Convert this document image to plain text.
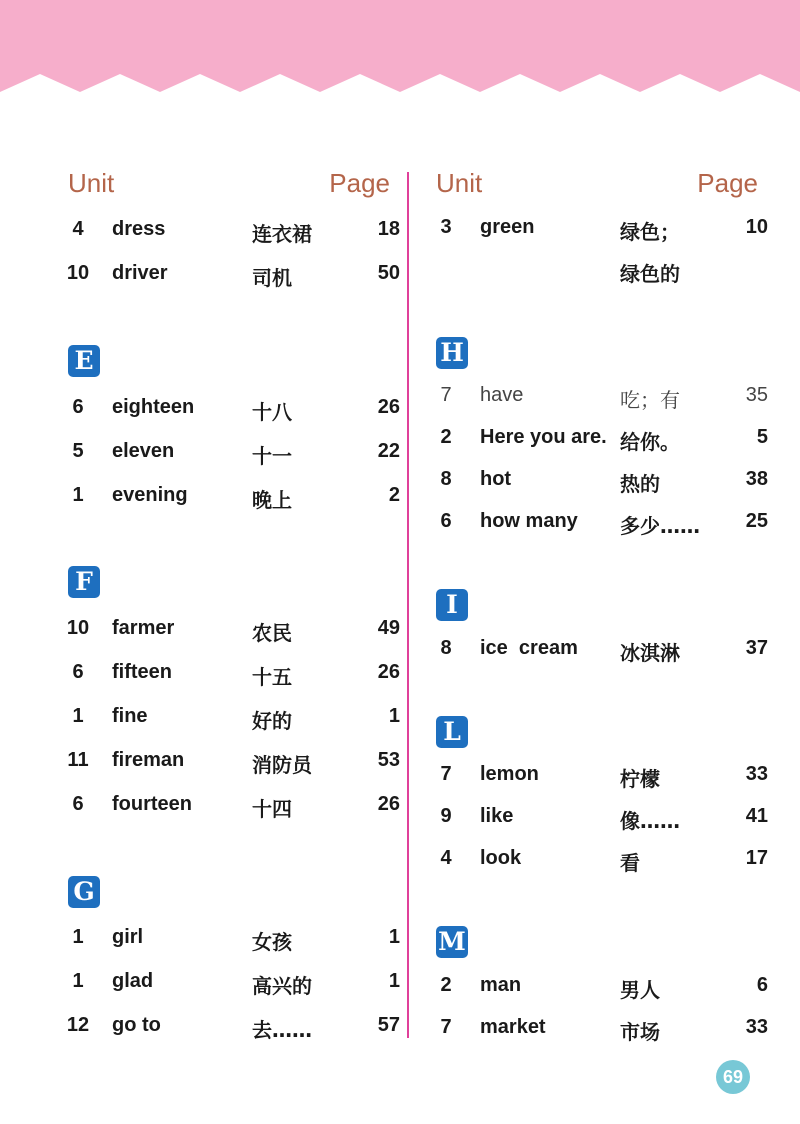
Unit	Page
4	dress	连衣裙	18
10	driver	司机	50
E
6	eighteen	十八	26
5	eleven	十一	22
1	evening	晚上	2
F
10	farmer	农民	49
6	fifteen	十五	26
1	fine	好的	1
11	fireman	消防员	53
6	fourteen	十四	26
G
1	girl	女孩	1
1	glad	高兴的	1
12	go to	去……	57
Unit	Page
3	green	绿色；	10
绿色的
H
7	have	吃；有	35
2	Here you are. 给你。	5
8	hot	热的	38
6	how many 多少…… 25
I
8	ice  cream 冰淇淋	37
L
7	lemon	柠檬	33
9	like	像……	41
4	look	看	17
M
2	man	男人	6
7	market	市场	33
69
